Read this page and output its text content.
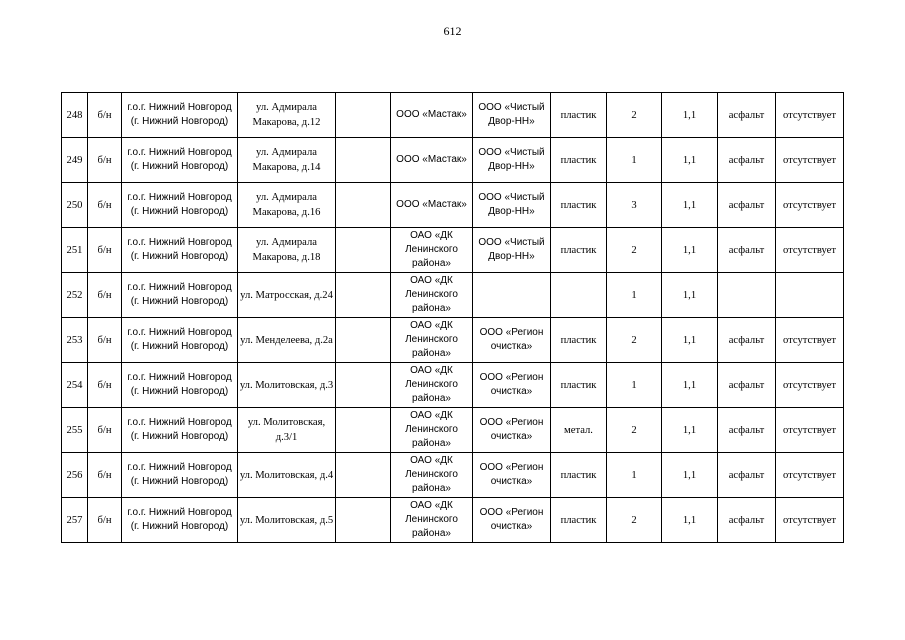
612
248	б/н	г.о.г. Нижний Новгород (г. Нижний Новгород)	ул. Адмирала Макарова, д.12		ООО «Мастак»	ООО «Чистый Двор-НН»	пластик	2	1,1	асфальт	отсутствует
249	б/н	г.о.г. Нижний Новгород (г. Нижний Новгород)	ул. Адмирала Макарова, д.14		ООО «Мастак»	ООО «Чистый Двор-НН»	пластик	1	1,1	асфальт	отсутствует
250	б/н	г.о.г. Нижний Новгород (г. Нижний Новгород)	ул. Адмирала Макарова, д.16		ООО «Мастак»	ООО «Чистый Двор-НН»	пластик	3	1,1	асфальт	отсутствует
251	б/н	г.о.г. Нижний Новгород (г. Нижний Новгород)	ул. Адмирала Макарова, д.18		ОАО «ДК Ленинского района»	ООО «Чистый Двор-НН»	пластик	2	1,1	асфальт	отсутствует
252	б/н	г.о.г. Нижний Новгород (г. Нижний Новгород)	ул. Матросская, д.24		ОАО «ДК Ленинского района»			1	1,1		
253	б/н	г.о.г. Нижний Новгород (г. Нижний Новгород)	ул. Менделеева, д.2а		ОАО «ДК Ленинского района»	ООО «Регион очистка»	пластик	2	1,1	асфальт	отсутствует
254	б/н	г.о.г. Нижний Новгород (г. Нижний Новгород)	ул. Молитовская, д.3		ОАО «ДК Ленинского района»	ООО «Регион очистка»	пластик	1	1,1	асфальт	отсутствует
255	б/н	г.о.г. Нижний Новгород (г. Нижний Новгород)	ул. Молитовская, д.3/1		ОАО «ДК Ленинского района»	ООО «Регион очистка»	метал.	2	1,1	асфальт	отсутствует
256	б/н	г.о.г. Нижний Новгород (г. Нижний Новгород)	ул. Молитовская, д.4		ОАО «ДК Ленинского района»	ООО «Регион очистка»	пластик	1	1,1	асфальт	отсутствует
257	б/н	г.о.г. Нижний Новгород (г. Нижний Новгород)	ул. Молитовская, д.5		ОАО «ДК Ленинского района»	ООО «Регион очистка»	пластик	2	1,1	асфальт	отсутствует
